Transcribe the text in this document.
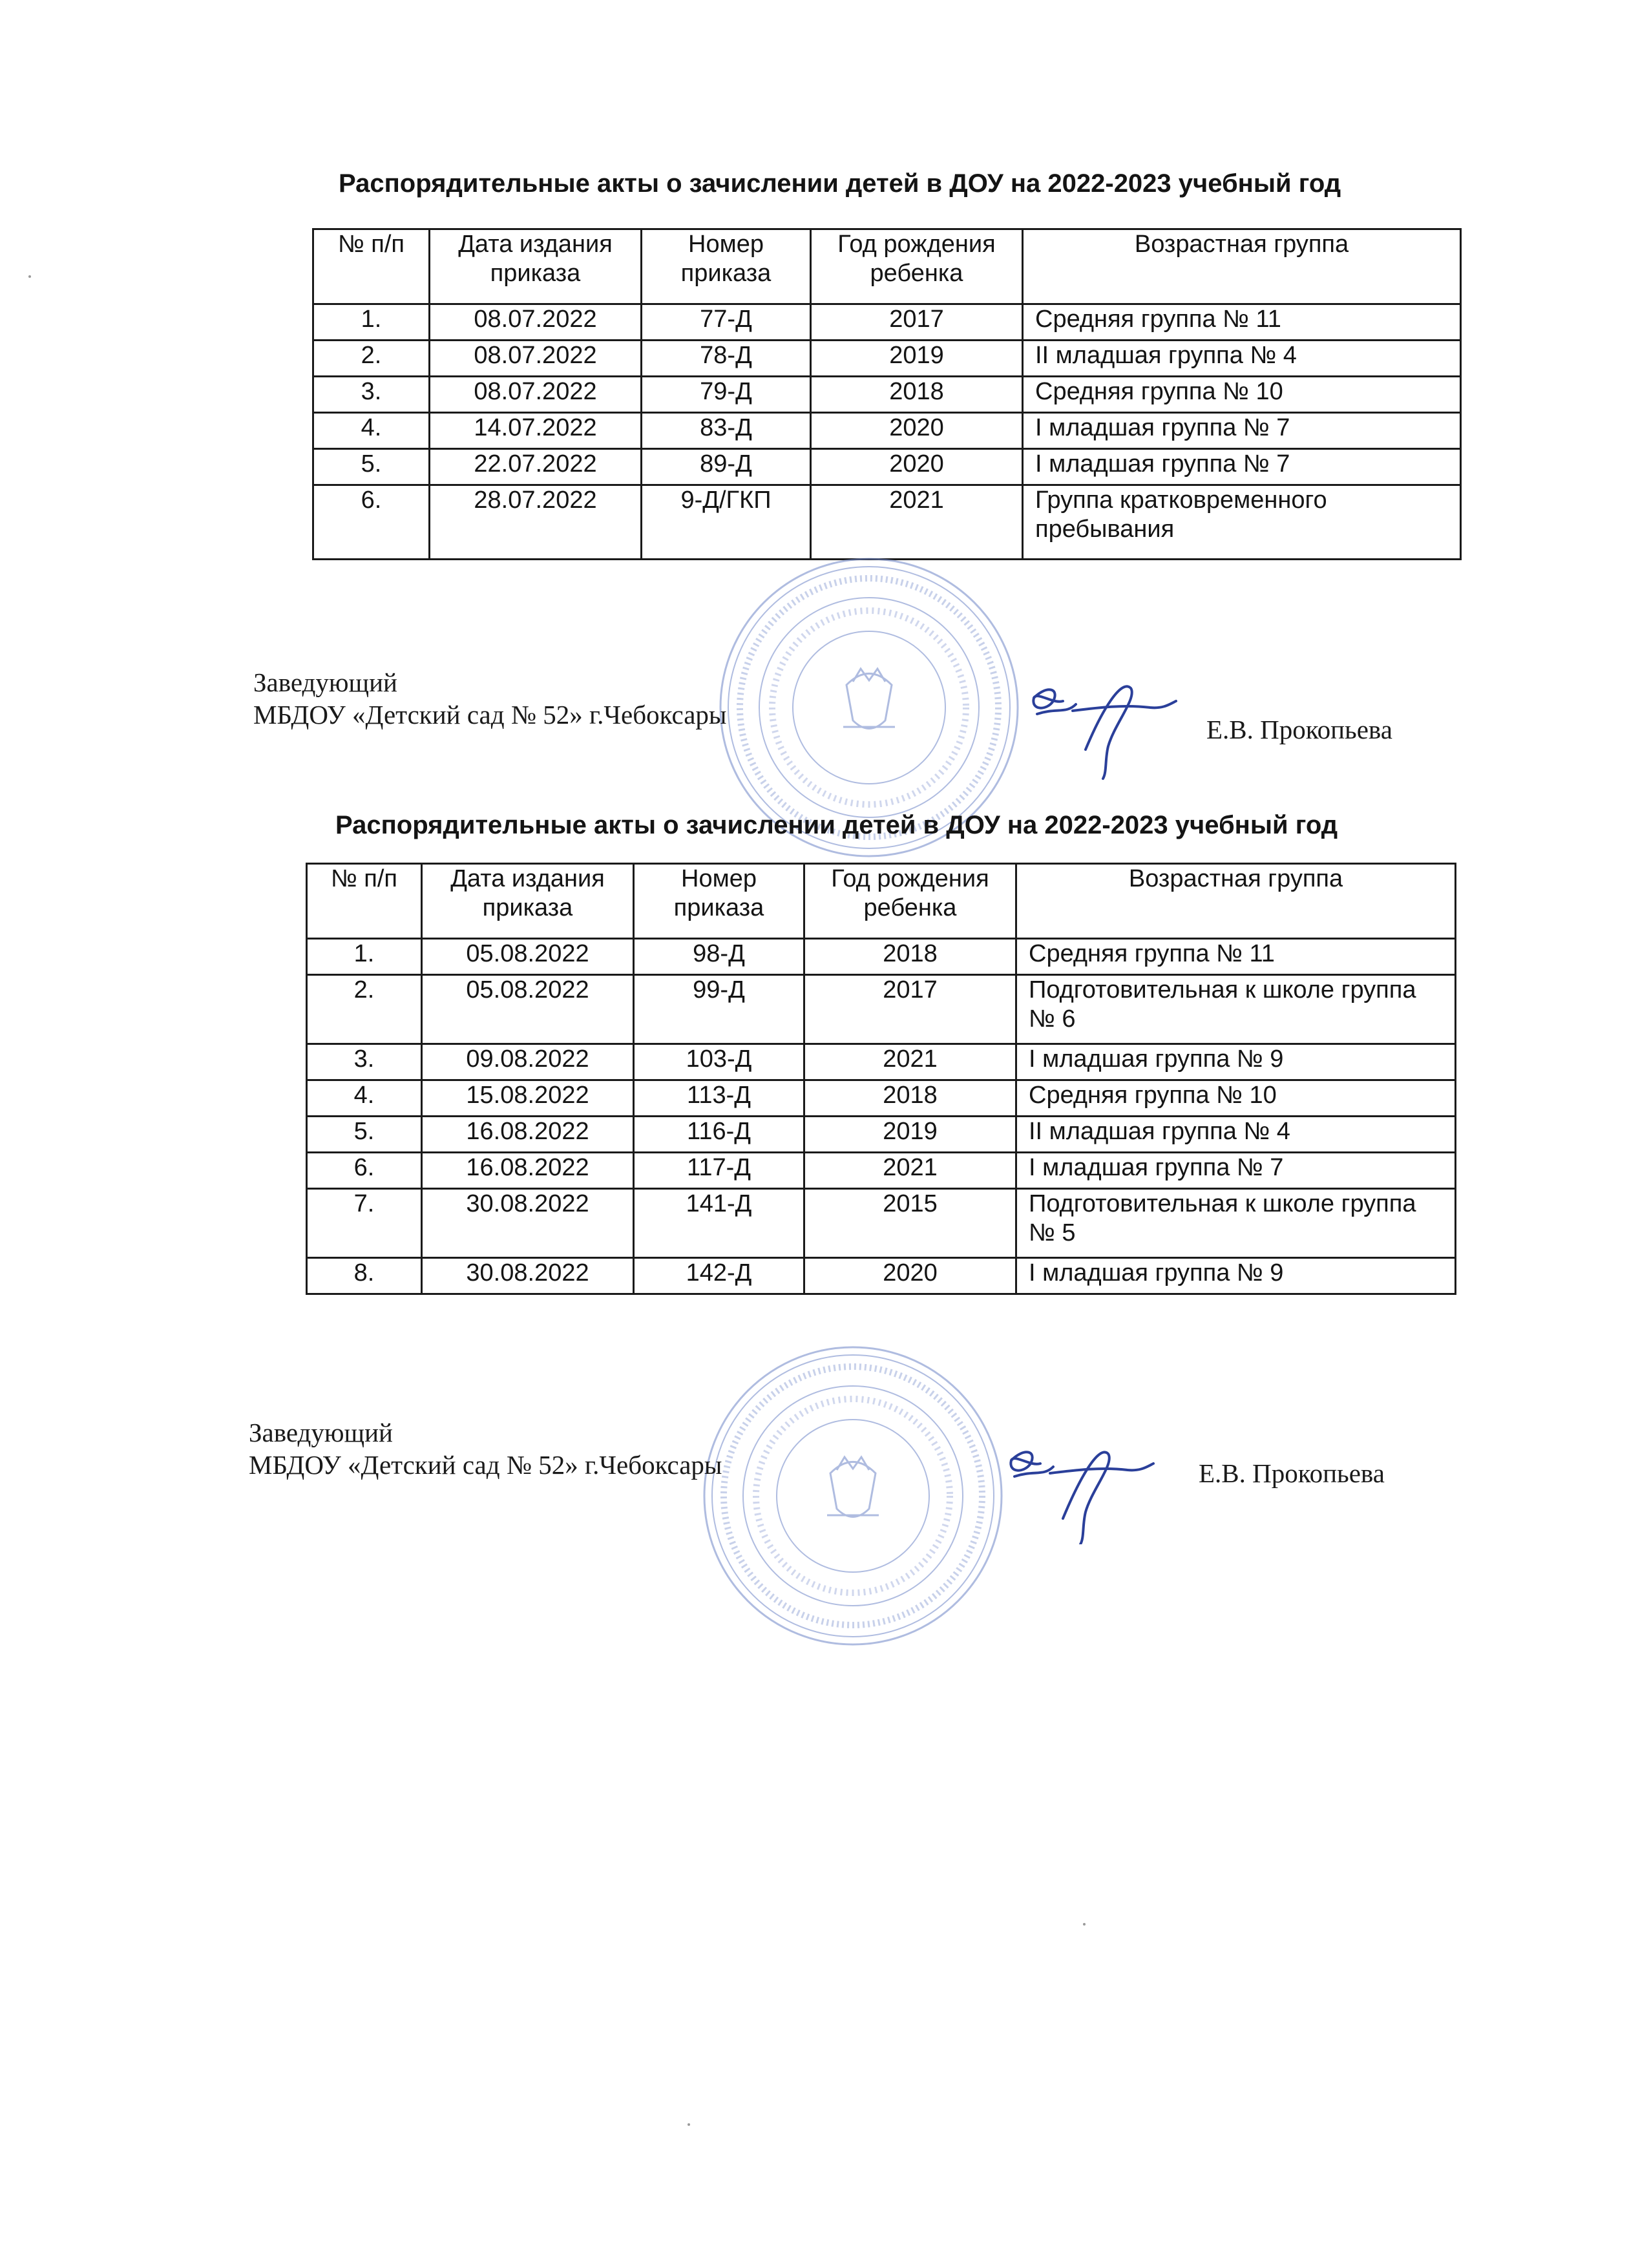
Распорядительные акты о зачислении детей в ДОУ на 2022-2023 учебный год
№ п/п	Дата издания приказа	Номер приказа	Год рождения ребенка	Возрастная группа
1.	08.07.2022	77-Д	2017	Средняя группа № 11
2.	08.07.2022	78-Д	2019	II младшая группа № 4
3.	08.07.2022	79-Д	2018	Средняя группа № 10
4.	14.07.2022	83-Д	2020	I младшая группа № 7
5.	22.07.2022	89-Д	2020	I младшая группа № 7
6.	28.07.2022	9-Д/ГКП	2021	Группа кратковременного пребывания
Заведующий
МБДОУ «Детский сад № 52» г.Чебоксары	Е.В. Прокопьева
Распорядительные акты о зачислении детей в ДОУ на 2022-2023 учебный год
№ п/п	Дата издания приказа	Номер приказа	Год рождения ребенка	Возрастная группа
1.	05.08.2022	98-Д	2018	Средняя группа № 11
2.	05.08.2022	99-Д	2017	Подготовительная к школе группа № 6
3.	09.08.2022	103-Д	2021	I младшая группа № 9
4.	15.08.2022	113-Д	2018	Средняя группа № 10
5.	16.08.2022	116-Д	2019	II младшая группа № 4
6.	16.08.2022	117-Д	2021	I младшая группа № 7
7.	30.08.2022	141-Д	2015	Подготовительная к школе группа № 5
8.	30.08.2022	142-Д	2020	I младшая группа № 9
Заведующий
МБДОУ «Детский сад № 52» г.Чебоксары	Е.В. Прокопьева
